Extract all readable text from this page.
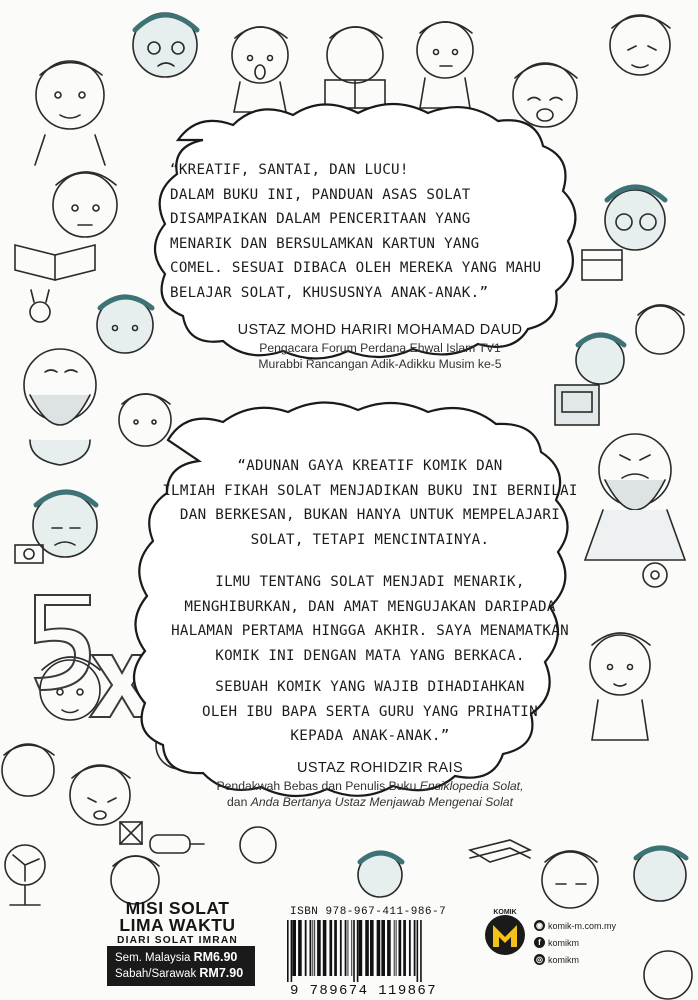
“KREATIF, SANTAI, DAN LUCU!
DALAM BUKU INI, PANDUAN ASAS SOLAT
DISAMPAIKAN DALAM PENCERITAAN YANG
MENARIK DAN BERSULAMKAN KARTUN YANG
COMEL. SESUAI DIBACA OLEH MEREKA YANG MAHU
BELAJAR SOLAT, KHUSUSNYA ANAK-ANAK.”
USTAZ MOHD HARIRI MOHAMAD DAUD
Pengacara Forum Perdana Ehwal Islam TV1
Murabbi Rancangan Adik-Adikku Musim ke-5
“ADUNAN GAYA KREATIF KOMIK DAN
ILMIAH FIKAH SOLAT MENJADIKAN BUKU INI BERNILAI
DAN BERKESAN, BUKAN HANYA UNTUK MEMPELAJARI
SOLAT, TETAPI MENCINTAINYA.
ILMU TENTANG SOLAT MENJADI MENARIK,
MENGHIBURKAN, DAN AMAT MENGUJAKAN DARIPADA
HALAMAN PERTAMA HINGGA AKHIR. SAYA MENAMATKAN
KOMIK INI DENGAN MATA YANG BERKACA.
SEBUAH KOMIK YANG WAJIB DIHADIAHKAN
OLEH IBU BAPA SERTA GURU YANG PRIHATIN
KEPADA ANAK-ANAK.”
USTAZ ROHIDZIR RAIS
Pendakwah Bebas dan Penulis Buku Ensiklopedia Solat,
dan Anda Bertanya Ustaz Menjawab Mengenai Solat
MISI SOLAT
LIMA WAKTU
DIARI SOLAT IMRAN
Sem. Malaysia RM6.90
Sabah/Sarawak RM7.90
ISBN 978-967-411-986-7
9 789674 119867
KOMIK
◉ komik-m.com.my
f komikm
◎ komikm
